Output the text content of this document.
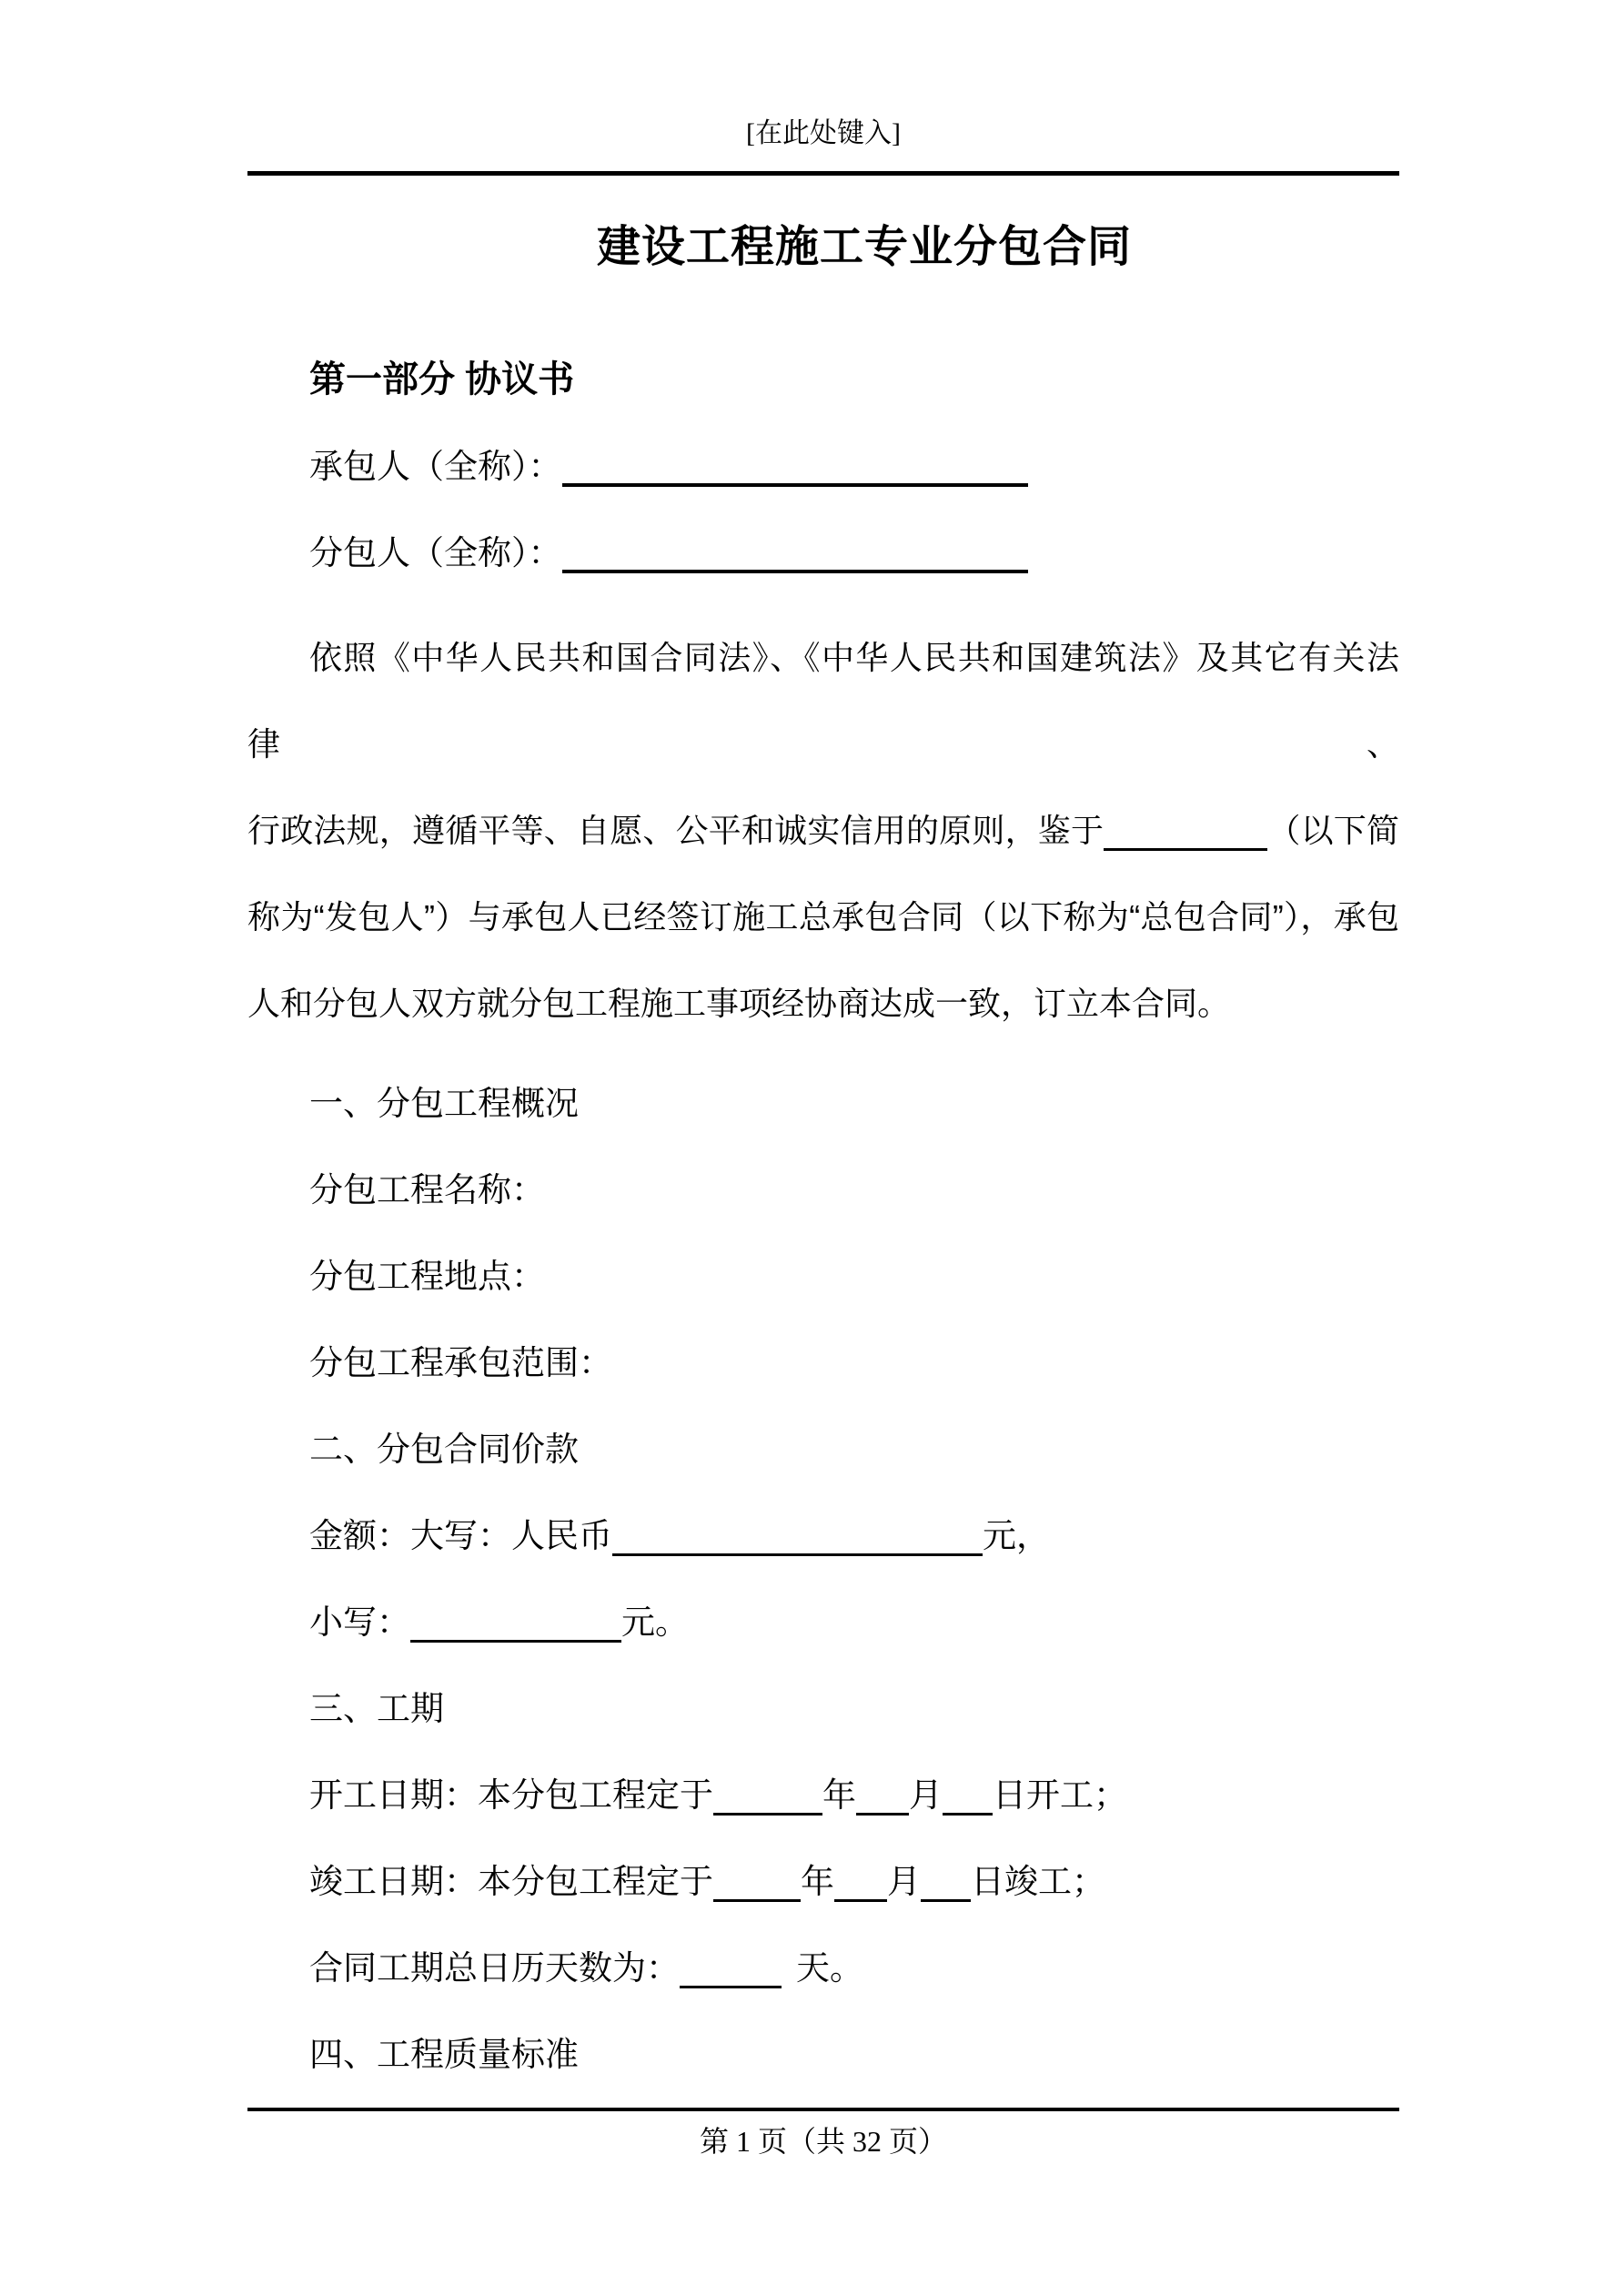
[在此处键入]
建设工程施工专业分包合同
第一部分 协议书
承包人（全称）：
分包人（全称）：
依照《中华人民共和国合同法》、《中华人民共和国建筑法》及其它有关法律、
行政法规，遵循平等、自愿、公平和诚实信用的原则，鉴于	（以下简
称为“发包人”）与承包人已经签订施工总承包合同（以下称为“总包合同”），承包
人和分包人双方就分包工程施工事项经协商达成一致，订立本合同。
一、分包工程概况
分包工程名称：
分包工程地点：
分包工程承包范围：
二、分包合同价款
金额：大写：人民币	元，
小写：	元。
三、工期
开工日期：本分包工程定于	年 月 日开工；
竣工日期：本分包工程定于	年 月 日竣工；
合同工期总日历天数为：	天。
四、工程质量标准
第 1 页（共 32 页）
